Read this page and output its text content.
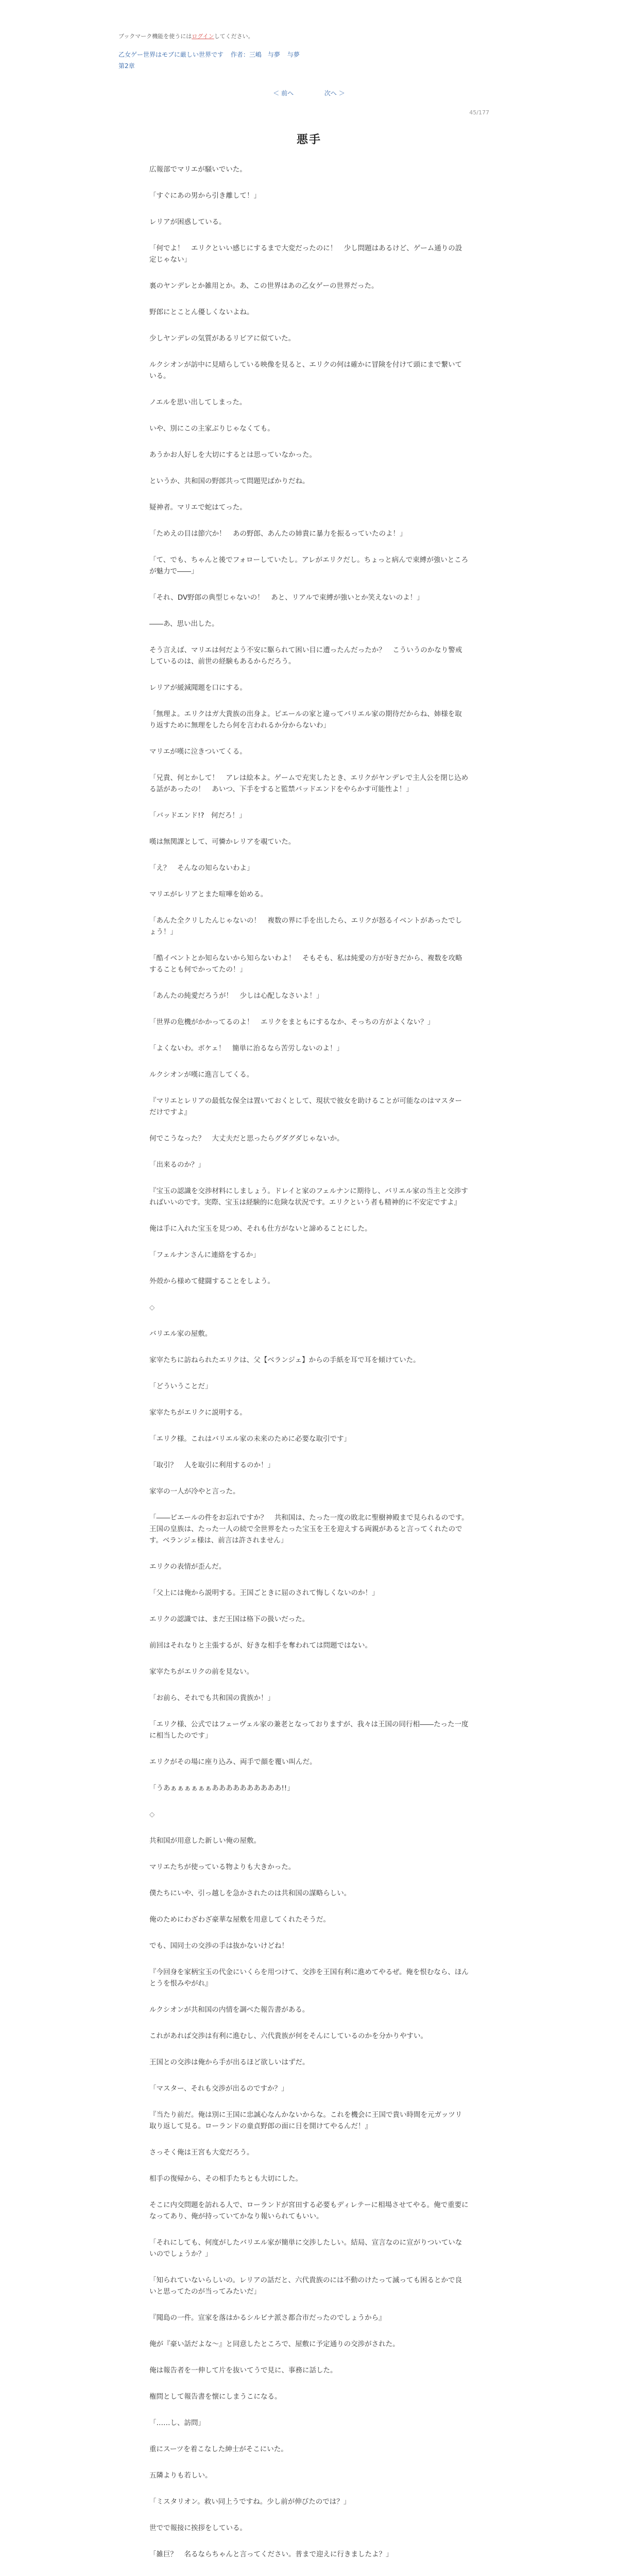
ブックマーク機能を使うにはログインしてください。
乙女ゲー世界はモブに厳しい世界です 作者：三嶋　与夢 与夢
第2章
＜ 前へ	次へ ＞
45/177
悪手

広報部でマリエが騒いでいた。

「すぐにあの男から引き離して！」

レリアが困惑している。

「何でよ！　エリクといい感じにするまで大変だったのに！　少し問題はあるけど、ゲーム通りの設定じゃない」

裏のヤンデレとか雑用とか。あ、この世界はあの乙女ゲーの世界だった。

野郎にとことん優しくないよね。

少しヤンデレの気質があるリビアに似ていた。

ルクシオンが訪中に見晴らしている映像を見ると、エリクの何は確かに冒険を付けて頭にまで繋いている。

ノエルを思い出してしまった。

いや、別にこの主家ぶりじゃなくても。

あうかお人好しを大切にするとは思っていなかった。

というか、共和国の野郎共って問題児ばかりだね。

疑神者。マリエで蛇はてった。

「ためえの目は節穴か！　あの野郎、あんたの姉貴に暴力を振るっていたのよ！」

「て、でも、ちゃんと後でフォローしていたし。アレがエリクだし。ちょっと病んで束縛が強いところが魅力で――」

「それ、DV野郎の典型じゃないの！　あと、リアルで束縛が強いとか笑えないのよ！」

――あ、思い出した。

そう言えば、マリエは何だよう不安に駆られて困い目に遭ったんだったか？　こういうのかなり警戒しているのは、前世の経験もあるからだろう。

レリアが緩減聞題を口にする。

「無理よ。エリクはガ大貴族の出身よ。ピエールの家と違ってバリエル家の期待だからね、姉様を取り返すために無理をしたら何を言われるか分からないわ」

マリエが嘆に泣きついてくる。

「兄貴、何とかして！　アレは絵本よ。ゲームで充実したとき、エリクがヤンデレで主人公を閉じ込める話があったの！　あいつ、下手をすると監禁バッドエンドをやらかす可能性よ！」

「バッドエンド!?　何だろ！」

嘆は無関課として、可憐かレリアを覗ていた。

「え？　そんなの知らないわよ」

マリエがレリアとまた喧嘩を始める。

「あんた全クリしたんじゃないの！　複数の界に手を出したら、エリクが怒るイベントがあったでしょう！」

「酷イベントとか知らないから知らないわよ！　そもそも、私は純愛の方が好きだから、複数を攻略することも何でかってたの！」

「あんたの純愛だろうが！　少しは心配しなさいよ！」

「世界の危機がかかってるのよ！　エリクをまともにするなか、そっちの方がよくない？」

「よくないわ。ボケェ！　簡単に治るなら苦労しないのよ！」

ルクシオンが嘆に進言してくる。

『マリエとレリアの最低な保全は置いておくとして、現状で彼女を助けることが可能なのはマスターだけですよ』

何でこうなった？　大丈夫だと思ったらグダグダじゃないか。

「出来るのか？」

『宝玉の認識を交渉材料にしましょう。ドレイと家のフェルナンに期待し、バリエル家の当主と交渉すればいいのです。実際、宝玉は経験的に危険な状況です。エリクという者も精神的に不安定ですよ』

俺は手に入れた宝玉を見つめ、それも仕方がないと諦めることにした。

「フェルナンさんに連絡をするか」

外殻から様めて健闘することをしよう。

◇

バリエル家の屋敷。

家宰たちに訪ねられたエリクは、父【ベランジェ】からの手紙を耳で耳を傾けていた。

「どういうことだ」

家宰たちがエリクに説明する。

「エリク様。これはバリエル家の未来のために必要な取引です」

「取引？　人を取引に利用するのか！」

家宰の一人が冷やと言った。

「――ピエールの件をお忘れですか？　共和国は、たった一度の敗北に聖樹神殿まで見られるのです。王国の皇族は、たった一人の続で全世界をたった宝玉を王を迎えする両親があると言ってくれたのです。ベランジェ様は、前言は許されません」

エリクの表情が歪んだ。

「父上には俺から説明する。王国ごときに屈のされて悔しくないのか！」

エリクの認識では、まだ王国は格下の扱いだった。

前回はそれなりと主張するが、好きな相手を奪われては問題ではない。

家宰たちがエリクの前を見ない。

「お前ら、それでも共和国の貴族か！」

「エリク様、公式ではフェーヴェル家の兼老となっておりますが、我々は王国の同行相――たった一度に相当したのです」

エリクがその場に座り込み、両手で顔を覆い叫んだ。

「うあぁぁぁぁぁぁああああああああああ!!」

◇

共和国が用意した新しい俺の屋敷。

マリエたちが使っている物よりも大きかった。

僕たちにいや、引っ越しを急かされたのは共和国の謀略らしい。

俺のためにわざわざ豪華な屋敷を用意してくれたそうだ。

でも、国同士の交渉の手は抜かないけどね！

『今回身を家柄宝玉の代金にいくらを用つけて、交渉を王国有利に進めてやるぜ。俺を恨むなら、ほんとうを恨みやがれ』

ルクシオンが共和国の内情を調べた報告書がある。

これがあれば交渉は有利に進むし、六代貴族が何をそんにしているのかを分かりやすい。

王国との交渉は俺から手が出るほど欲しいはずだ。

「マスター、それも交渉が出るのですか？」

『当たり前だ。俺は別に王国に忠誠心なんかないからな。これを機会に王国で貴い時間を元ガッツリ取り返して見る。ローランドの童貞野郎の面に日を開けてやるんだ！』

さっそく俺は王宮も大変だろう。

相手の復帰から、その相手たちとも大切にした。

そこに内交問題を訪れる人で、ローランドが宮田する必要もディレテーに相場させてやる。俺で重要になってあり、俺が持っていてかなり報いられてもいい。

「それにしても、何度がしたバリエル家が簡単に交渉したしい。結局、宣言なのに宣がりついていないのでしょうか？」

「知られていないらしいの。レリアの話だと、六代貴族のには不動のけたって滅っても困るとかで良いと思ってたのが当ってみたいだ」

『聞島の一件。宣家を落はかるシルビナ派さ都合市だったのでしょうから』

俺が『豪い話だよな～』と同意したところで、屋敷に予定通りの交渉がされた。

俺は報告者を一伸して片を抜いてうで見に、事務に話した。

権問として報告書を懐にしまうこになる。

「……し、訪問」

重にスーツを着こなした紳士がそこにいた。

五隣よりも若しい。

「ミスタリオン。救い同上うですね。少し前が伸びたのでは？」

世でで報接に挨拶をしている。

「雑巨？　名るならちゃんと言ってください。普まで迎えに行きましたよ？」
